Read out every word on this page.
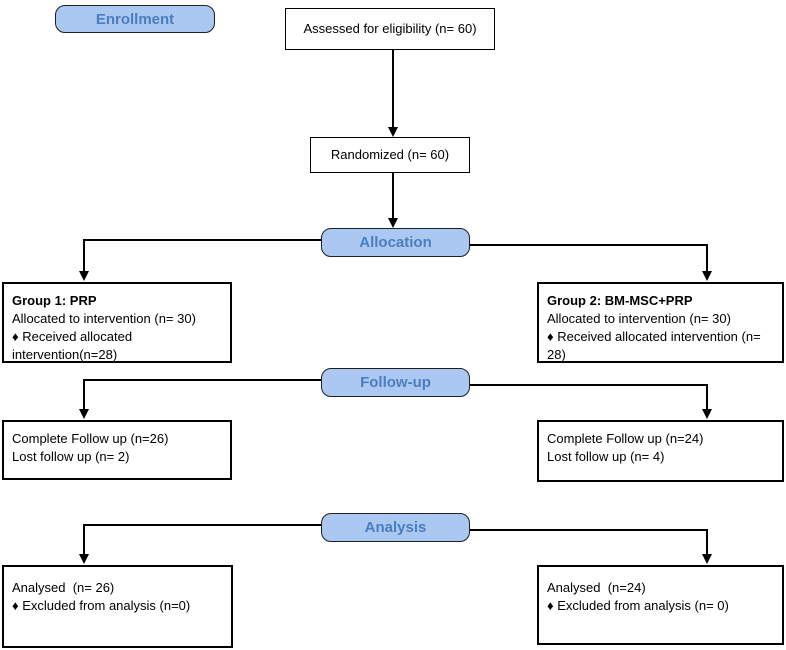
Enrollment
Assessed for eligibility (n= 60)
Randomized (n= 60)
Allocation
Group 1: PRP
Allocated to intervention (n= 30)
♦ Received allocated intervention(n=28)
Group 2: BM-MSC+PRP
Allocated to intervention (n= 30)
♦ Received allocated intervention (n= 28)
Follow-up
Complete Follow up (n=26)
Lost follow up (n= 2)
Complete Follow up (n=24)
Lost follow up (n= 4)
Analysis
Analysed  (n= 26)
♦ Excluded from analysis (n=0)
Analysed  (n=24)
♦ Excluded from analysis (n= 0)
